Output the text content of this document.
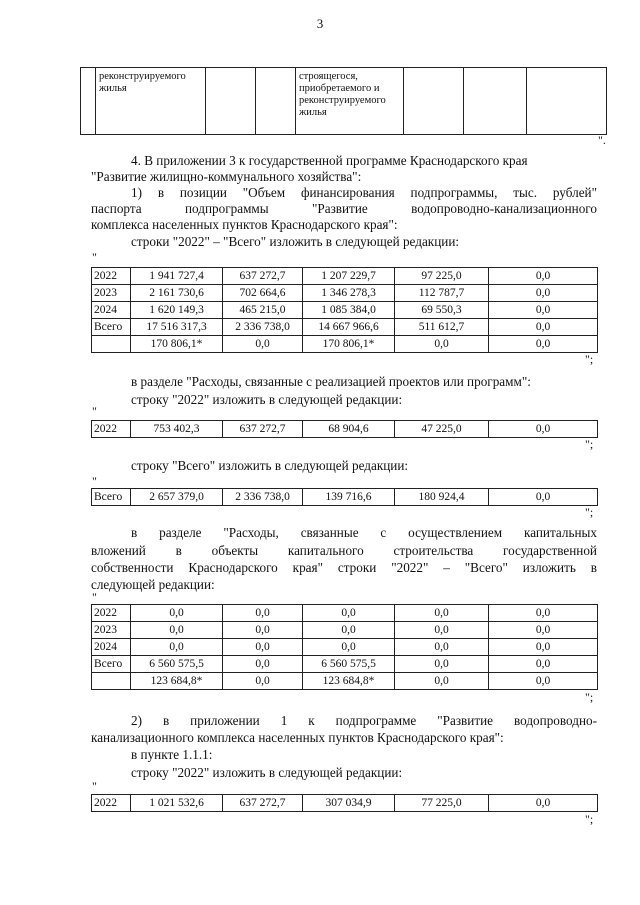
3
	реконструируемого жилья			строящегося, приобретаемого и реконструируемого жилья			
".
4. В приложении 3 к государственной программе Краснодарского края
"Развитие жилищно-коммунального хозяйства":
1) в позиции "Объем финансирования подпрограммы, тыс. рублей"
паспорта подпрограммы "Развитие водопроводно-канализационного
комплекса населенных пунктов Краснодарского края":
строки "2022" – "Всего" изложить в следующей редакции:
"
2022	1 941 727,4	637 272,7	1 207 229,7	97 225,0	0,0
2023	2 161 730,6	702 664,6	1 346 278,3	112 787,7	0,0
2024	1 620 149,3	465 215,0	1 085 384,0	69 550,3	0,0
Всего	17 516 317,3	2 336 738,0	14 667 966,6	511 612,7	0,0
	170 806,1*	0,0	170 806,1*	0,0	0,0
";
в разделе "Расходы, связанные с реализацией проектов или программ":
строку "2022" изложить в следующей редакции:
"
2022	753 402,3	637 272,7	68 904,6	47 225,0	0,0
";
строку "Всего" изложить в следующей редакции:
"
Всего	2 657 379,0	2 336 738,0	139 716,6	180 924,4	0,0
";
в разделе "Расходы, связанные с осуществлением капитальных
вложений в объекты капитального строительства государственной
собственности Краснодарского края" строки "2022" – "Всего" изложить в
следующей редакции:
"
2022	0,0	0,0	0,0	0,0	0,0
2023	0,0	0,0	0,0	0,0	0,0
2024	0,0	0,0	0,0	0,0	0,0
Всего	6 560 575,5	0,0	6 560 575,5	0,0	0,0
	123 684,8*	0,0	123 684,8*	0,0	0,0
";
2) в приложении 1 к подпрограмме "Развитие водопроводно-
канализационного комплекса населенных пунктов Краснодарского края":
в пункте 1.1.1:
строку "2022" изложить в следующей редакции:
"
2022	1 021 532,6	637 272,7	307 034,9	77 225,0	0,0
";
